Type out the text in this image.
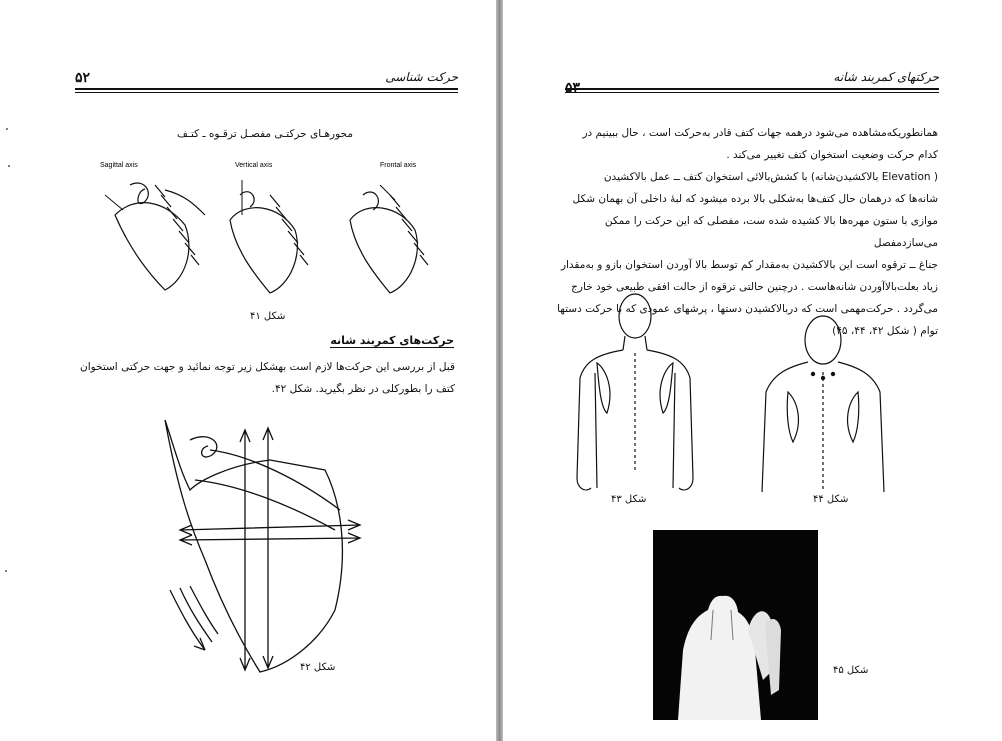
۵۲	حرکت شناسی
محورهـای حرکتـی مفصـل ترقـوه ـ کتـف
Sagittal axis	Vertical axis	Frontal axis
شکل ۴۱
حرکت‌های کمربند شانه
قبل از بررسی این حرکت‌ها لازم است بهشکل زیر توجه نمائید و جهت حرکتی استخوان کتف را بطورکلی در نظر بگیرید. شکل ۴۲.
شکل ۴۲
حرکتهای کمربند شانه
همانطوریکه‌مشاهده می‌شود درهمه جهات کتف قادر به‌حرکت است ، حال ببینیم در
کدام حرکت وضعیت استخوان کتف تغییر می‌کند .
( Elevation بالاکشیدن‌شانه) با کشش‌بالائی استخوان کتف ــ عمل بالاکشیدن
شانه‌ها که درهمان حال کتف‌ها به‌شکلی بالا برده میشود که لبه‌ٔ داخلی آن بهمان شکل
موازی با ستون مهره‌ها بالا کشیده شده ست، مفصلی که این حرکت را ممکن می‌سازد‌مفصل
جناغ ــ ترقوه است این بالاکشیدن به‌مقدار کم توسط بالا آوردن استخوان بازو و به‌مقدار
زیاد بعلت‌بالاآوردن شانه‌هاست . درچنین حالتی ترقوه از حالت افقی طبیعی خود خارج
می‌گردد . حرکت‌مهمی است که دربالاکشیدن دستها ، پرشهای عمودی که با حرکت دستها
توام ( شکل ۴۲، ۴۴، ۴۵)
شکل ۴۳	شکل ۴۴
شکل ۴۵
